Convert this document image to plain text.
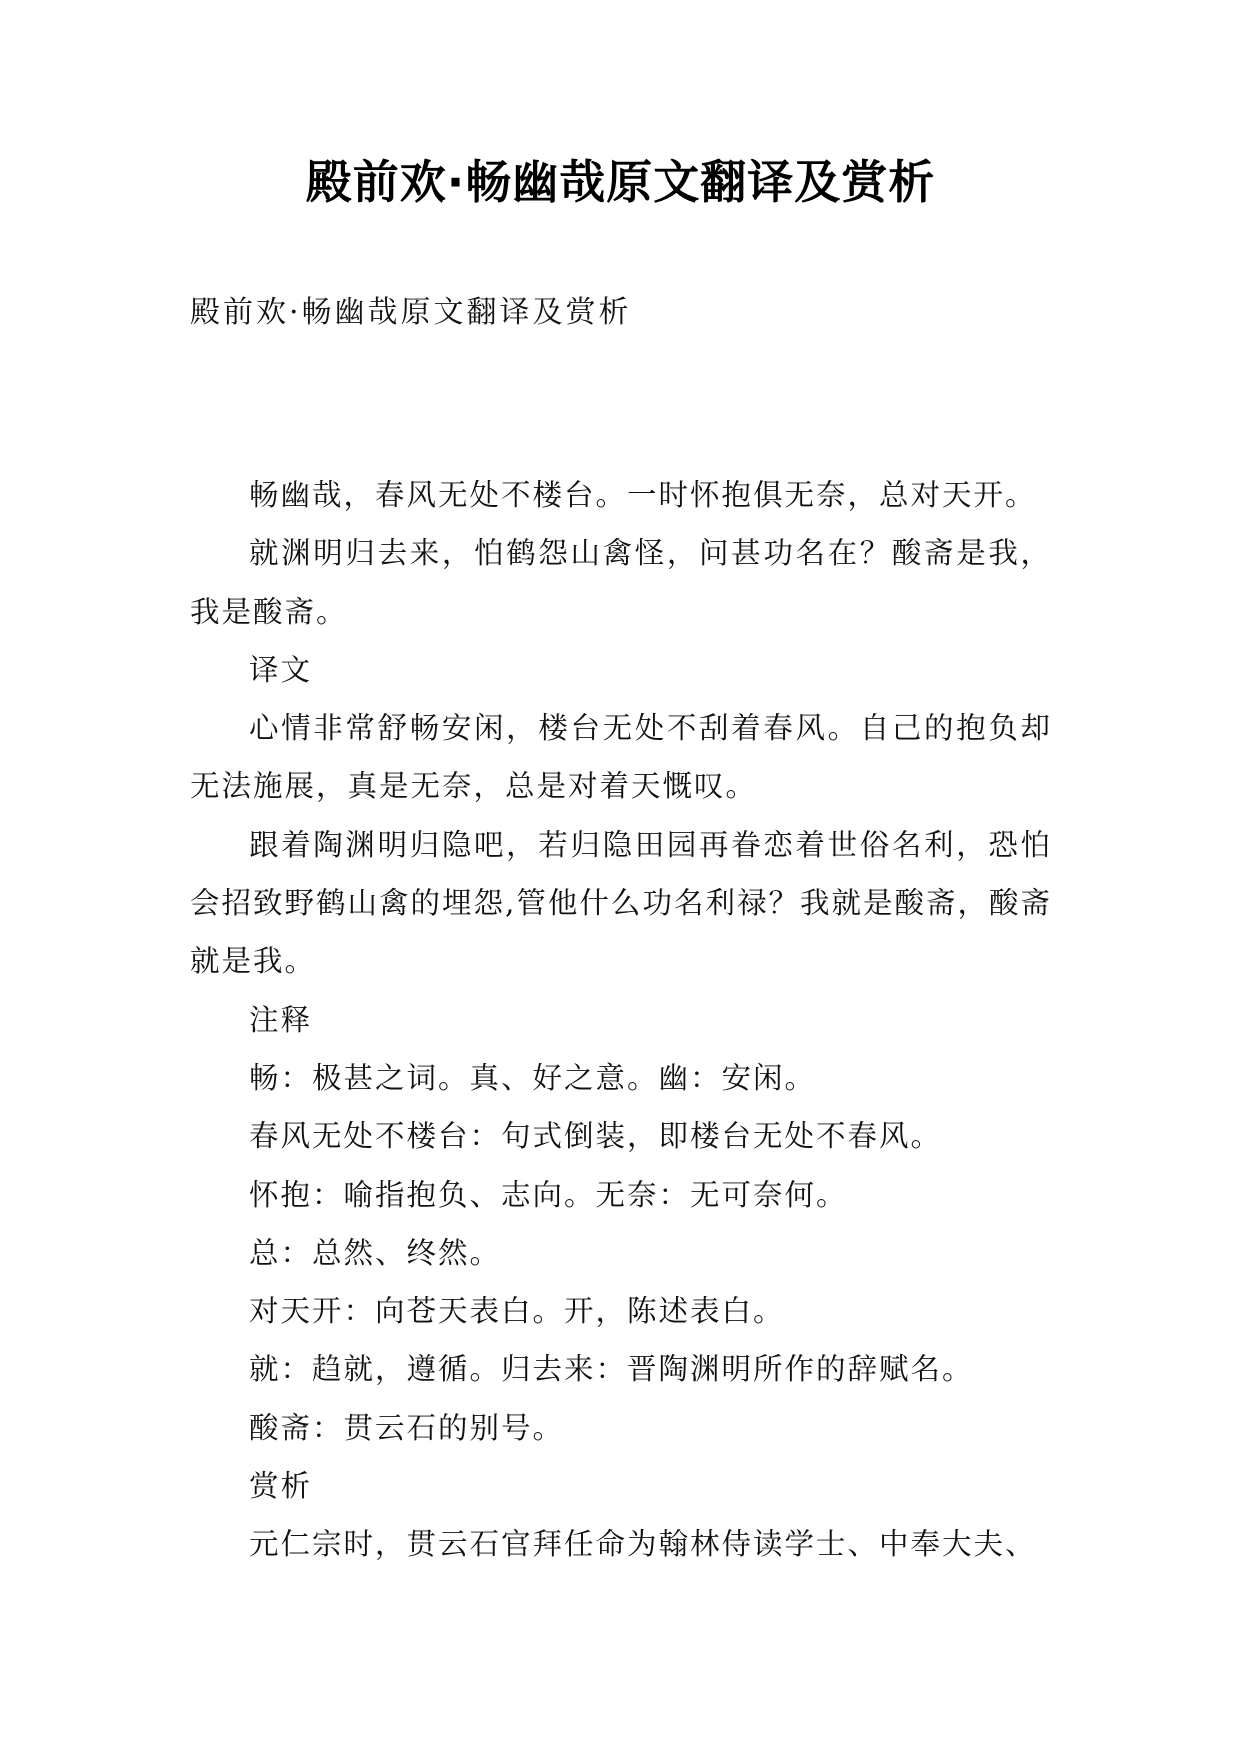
殿前欢·畅幽哉原文翻译及赏析
殿前欢·畅幽哉原文翻译及赏析

畅幽哉，春风无处不楼台。一时怀抱俱无奈，总对天开。

就渊明归去来，怕鹤怨山禽怪，问甚功名在？酸斋是我，我是酸斋。

译文

心情非常舒畅安闲，楼台无处不刮着春风。自己的抱负却无法施展，真是无奈，总是对着天慨叹。

跟着陶渊明归隐吧，若归隐田园再眷恋着世俗名利，恐怕会招致野鹤山禽的埋怨,管他什么功名利禄？我就是酸斋，酸斋就是我。

注释

畅：极甚之词。真、好之意。幽：安闲。

春风无处不楼台：句式倒装，即楼台无处不春风。

怀抱：喻指抱负、志向。无奈：无可奈何。

总：总然、终然。

对天开：向苍天表白。开，陈述表白。

就：趋就，遵循。归去来：晋陶渊明所作的辞赋名。

酸斋：贯云石的别号。

赏析

元仁宗时，贯云石官拜任命为翰林侍读学士、中奉大夫、
